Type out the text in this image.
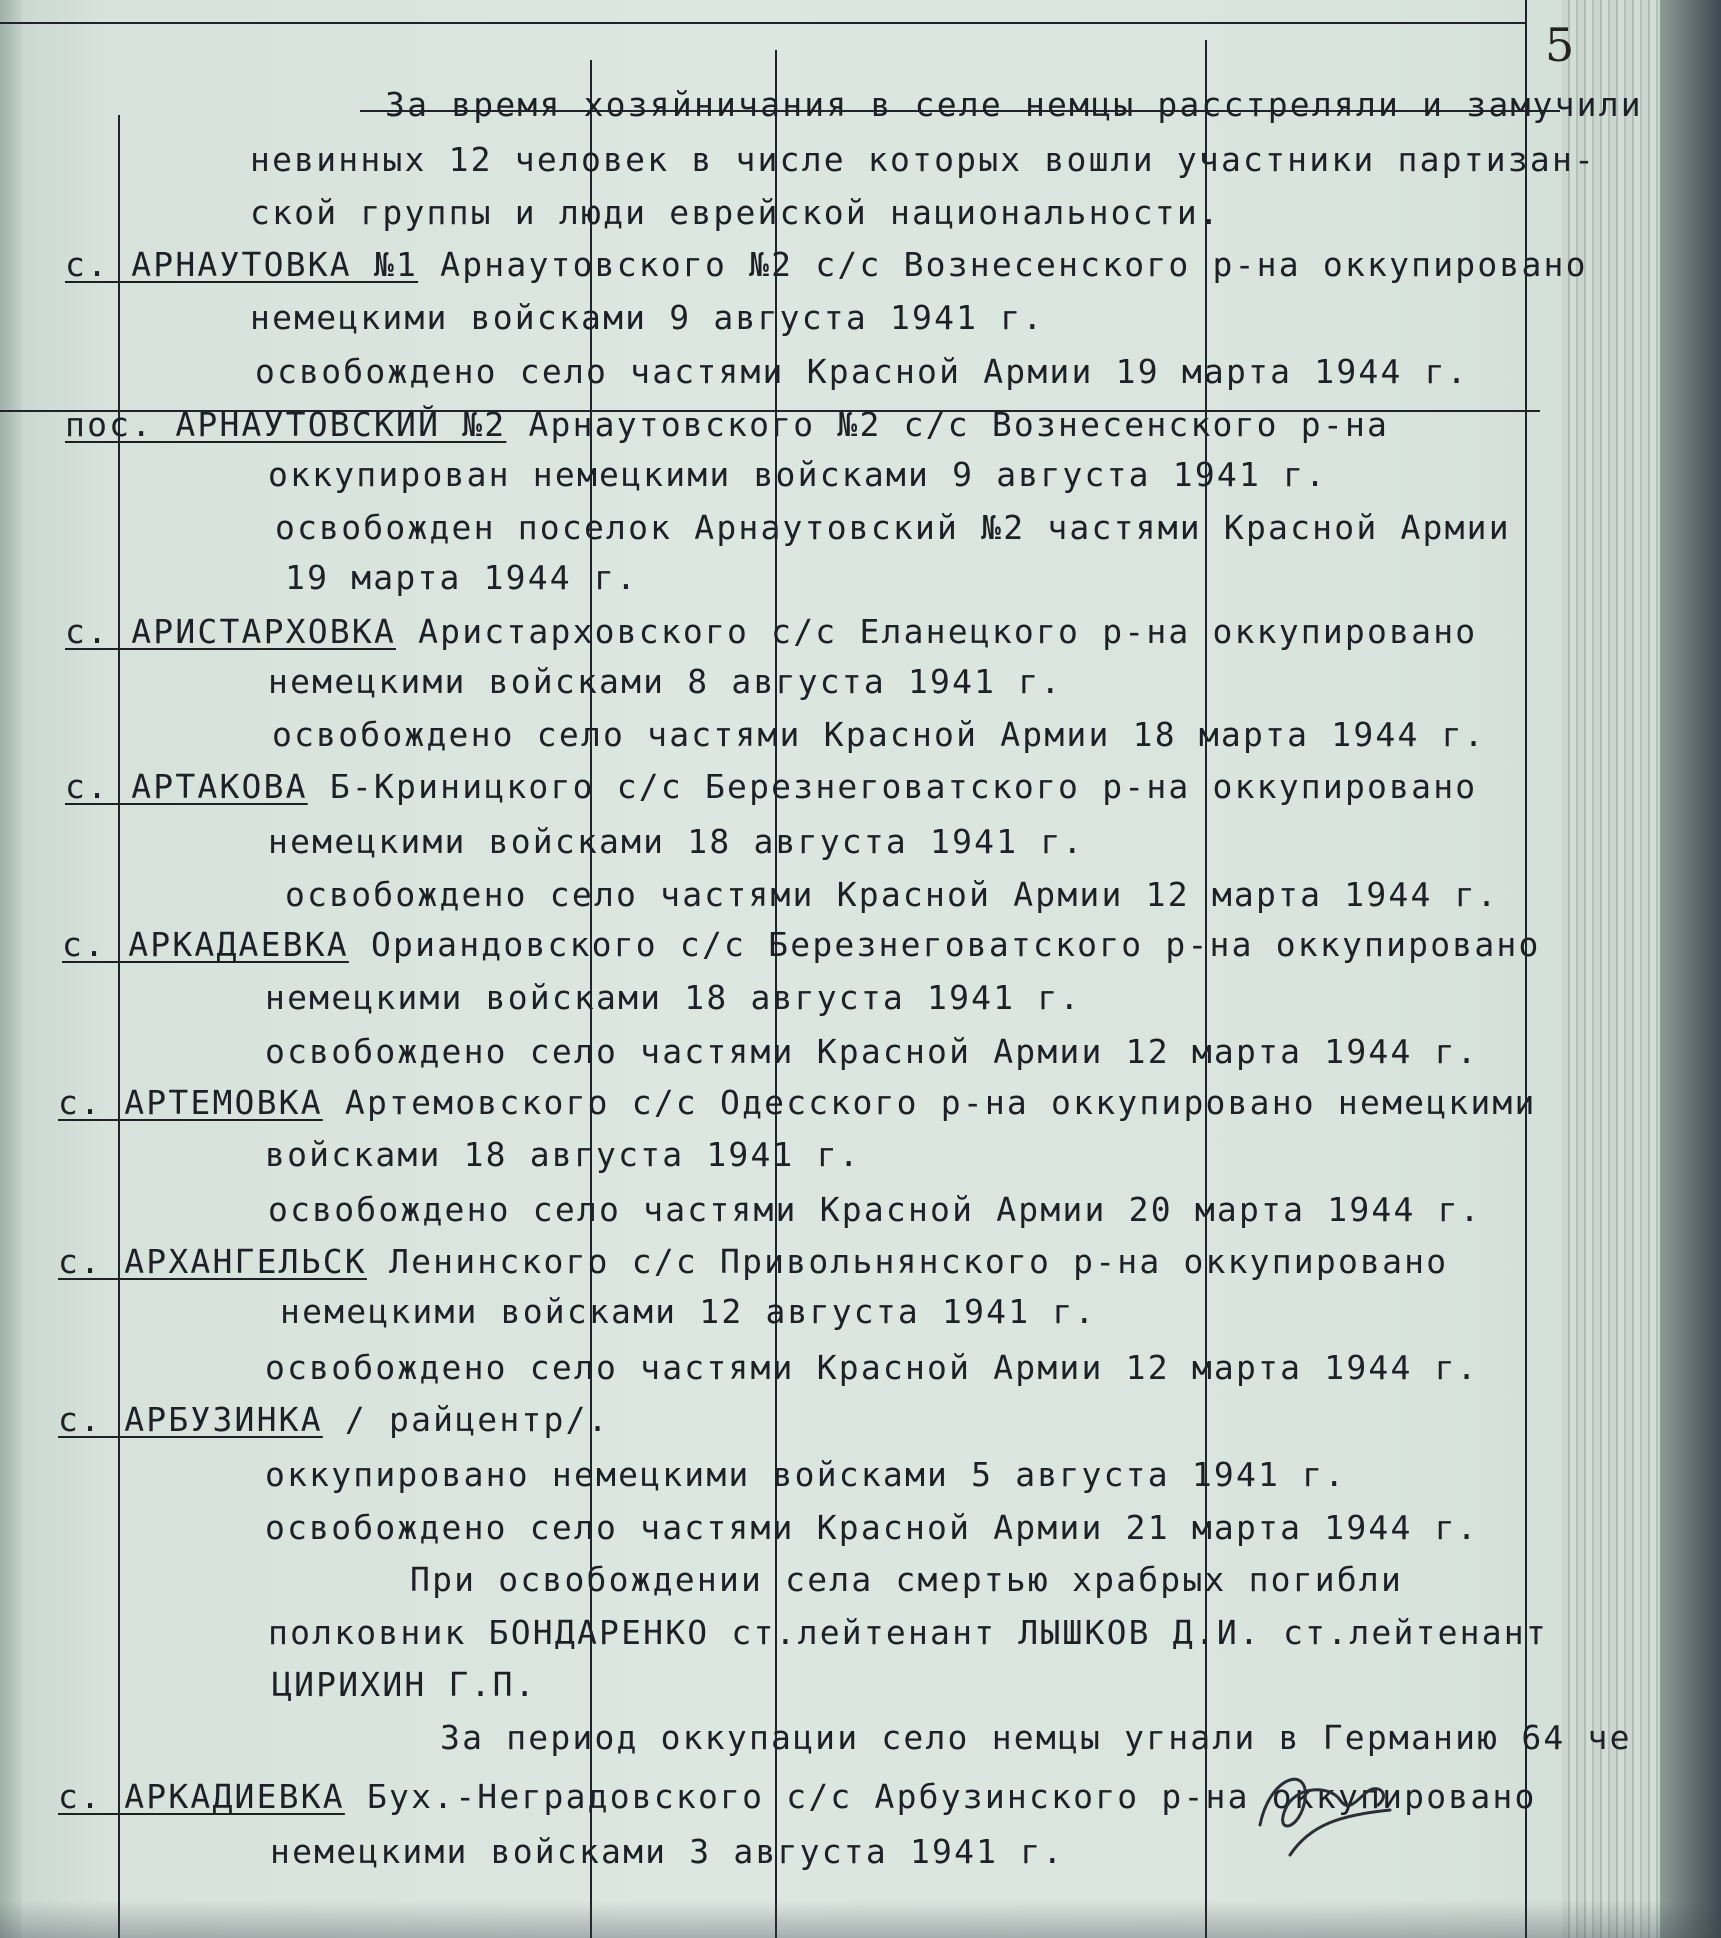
5
За время хозяйничания в селе немцы расстреляли и замучили
невинных 12 человек в числе которых вошли участники партизан-
ской группы и люди еврейской национальности.
с. АРНАУТОВКА №1 Арнаутовского №2 с/с Вознесенского р-на оккупировано
немецкими войсками 9 августа 1941 г.
освобождено село частями Красной Армии 19 марта 1944 г.
пос. АРНАУТОВСКИЙ №2 Арнаутовского №2 с/с Вознесенского р-на
оккупирован немецкими войсками 9 августа 1941 г.
освобожден поселок Арнаутовский №2 частями Красной Армии
19 марта 1944 г.
с. АРИСТАРХОВКА Аристарховского с/с Еланецкого р-на оккупировано
немецкими войсками 8 августа 1941 г.
освобождено село частями Красной Армии 18 марта 1944 г.
с. АРТАКОВА Б-Криницкого с/с Березнеговатского р-на оккупировано
немецкими войсками 18 августа 1941 г.
освобождено село частями Красной Армии 12 марта 1944 г.
с. АРКАДАЕВКА Ориандовского с/с Березнеговатского р-на оккупировано
немецкими войсками 18 августа 1941 г.
освобождено село частями Красной Армии 12 марта 1944 г.
с. АРТЕМОВКА Артемовского с/с Одесского р-на оккупировано немецкими
войсками 18 августа 1941 г.
освобождено село частями Красной Армии 20 марта 1944 г.
с. АРХАНГЕЛЬСК Ленинского с/с Привольнянского р-на оккупировано
немецкими войсками 12 августа 1941 г.
освобождено село частями Красной Армии 12 марта 1944 г.
с. АРБУЗИНКА / райцентр/.
оккупировано немецкими войсками 5 августа 1941 г.
освобождено село частями Красной Армии 21 марта 1944 г.
При освобождении села смертью храбрых погибли
полковник БОНДАРЕНКО ст.лейтенант ЛЫШКОВ Д.И. ст.лейтенант
ЦИРИХИН Г.П.
За период оккупации село немцы угнали в Германию 64 че
с. АРКАДИЕВКА Бух.-Неградовского с/с Арбузинского р-на оккупировано
немецкими войсками 3 августа 1941 г.
